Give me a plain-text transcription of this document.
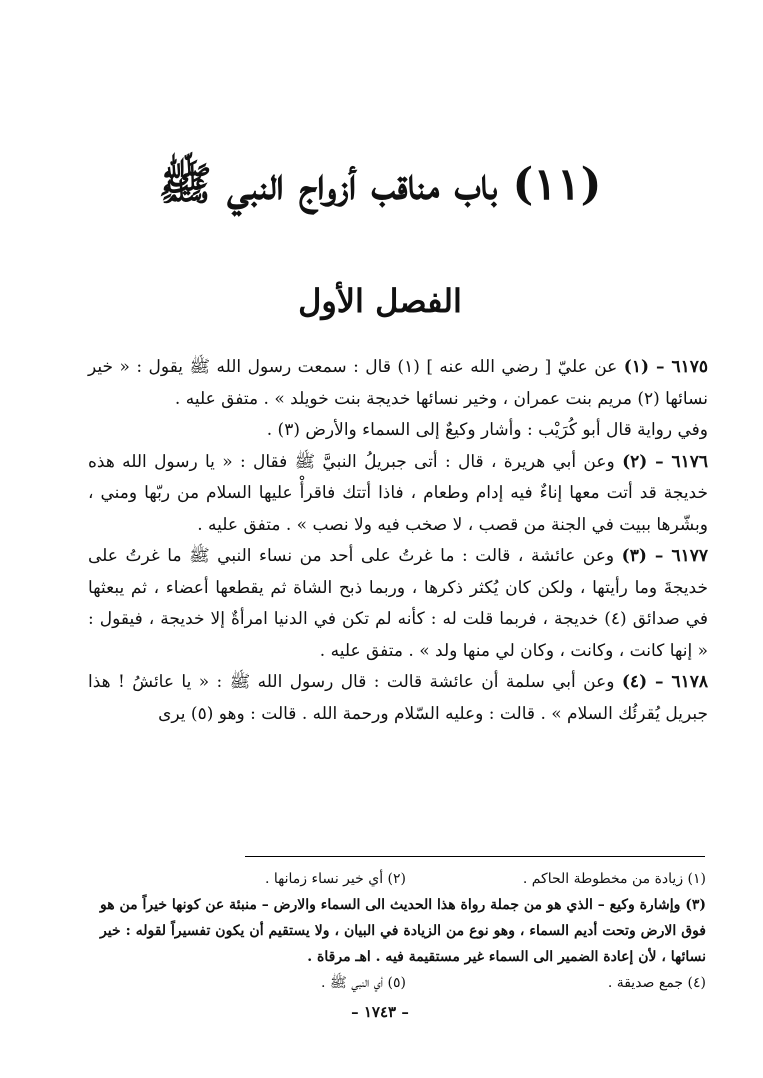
(١١) باب مناقب أزواج النبي ﷺ
الفصل الأول

٦١٧٥ – (١) عن عليّ [ رضي الله عنه ] (١) قال : سمعت رسول الله ﷺ يقول : « خير نسائها (٢) مريم بنت عمران ، وخير نسائها خديجة بنت خويلد » . متفق عليه .

وفي رواية قال أبو كُرَيْب : وأشار وكيعٌ إلى السماء والأرض (٣) .

٦١٧٦ – (٢) وعن أبي هريرة ، قال : أتى جبريلُ النبيَّ ﷺ فقال : « يا رسول الله هذه خديجة قد أتت معها إناءٌ فيه إدام وطعام ، فاذا أتتك فاقرأْ عليها السلام من ربّها ومني ، وبشّرها ببيت في الجنة من قصب ، لا صخب فيه ولا نصب » . متفق عليه .

٦١٧٧ – (٣) وعن عائشة ، قالت : ما غرتُ على أحد من نساء النبي ﷺ ما غرتُ على خديجةَ وما رأيتها ، ولكن كان يُكثر ذكرها ، وربما ذبح الشاة ثم يقطعها أعضاء ، ثم يبعثها في صدائق (٤) خديجة ، فربما قلت له : كأنه لم تكن في الدنيا امرأةٌ إلا خديجة ، فيقول : « إنها كانت ، وكانت ، وكان لي منها ولد » . متفق عليه .

٦١٧٨ – (٤) وعن أبي سلمة أن عائشة قالت : قال رسول الله ﷺ : « يا عائشُ ! هذا جبريل يُقرئُك السلام » . قالت : وعليه السّلام ورحمة الله . قالت : وهو (٥) يرى

(١) زيادة من مخطوطة الحاكم .
(٢) أي خير نساء زمانها .

(٣) وإشارة وكيع – الذي هو من جملة رواة هذا الحديث الى السماء والارض – منبئة عن كونها خيراً من هو فوق الارض وتحت أديم السماء ، وهو نوع من الزيادة في البيان ، ولا يستقيم أن يكون تفسيراً لقوله : خير نسائها ، لأن إعادة الضمير الى السماء غير مستقيمة فيه . اهـ مرقاة .

(٤) جمع صديقة .
(٥) أي النبي ﷺ .
– ١٧٤٣ –
